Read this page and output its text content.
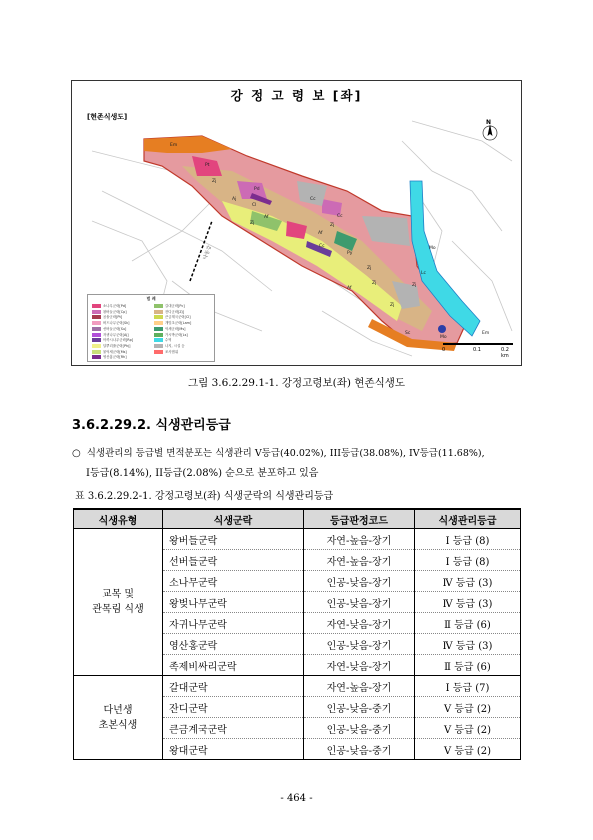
강 정 고 령 보 [좌]
[현존식생도]
N
낙동강
Em
Pt
Zj
Aj
Cl
Pd
Cc
Af
Zj
Cc
Zj
Af
Cc
Py
Zj
Zj
Af
Zj
Lc
Zj
Mo
Sc
Mo
Em
범 례
소나무군락[Pd]
왕버들군락[Cp]
곰솔군락[Pt]
버드나무군락[Sk]
선버들군락[Su]
자귀나무군락[Aj]
아까시나무군락[Rp]
달뿌리풀군락[Phj]
물억새군락[Ms]
영산홍군락[Rh]
갈대군락[Pc]
잔디군락[Zj]
큰금계국군락[Cl]
개망초군락[Lam]
억새군락[Ms]
가시박군락[Ls]
수역
나지, 시설 등
조사범위	0	0.1	0.2 km
그림 3.6.2.29.1-1. 강정고령보(좌) 현존식생도
3.6.2.29.2. 식생관리등급
○ 식생관리의 등급별 면적분포는 식생관리 V등급(40.02%), III등급(38.08%), IV등급(11.68%),
I등급(8.14%), II등급(2.08%) 순으로 분포하고 있음
표 3.6.2.29.2-1. 강정고령보(좌) 식생군락의 식생관리등급
식생유형	식생군락	등급판정코드	식생관리등급

교목 및
관목림 식생	왕버들군락	자연-높음-장기	Ⅰ 등급 (8)
	선버들군락	자연-높음-장기	Ⅰ 등급 (8)
	소나무군락	인공-낮음-장기	Ⅳ 등급 (3)
	왕벚나무군락	인공-낮음-장기	Ⅳ 등급 (3)
	자귀나무군락	자연-낮음-장기	Ⅱ 등급 (6)
	영산홍군락	인공-낮음-장기	Ⅳ 등급 (3)
	족제비싸리군락	자연-낮음-장기	Ⅱ 등급 (6)

다년생
초본식생	갈대군락	자연-높음-장기	Ⅰ 등급 (7)
	잔디군락	인공-낮음-중기	Ⅴ 등급 (2)
	큰금계국군락	인공-낮음-중기	Ⅴ 등급 (2)
	왕대군락	인공-낮음-중기	Ⅴ 등급 (2)
- 464 -
